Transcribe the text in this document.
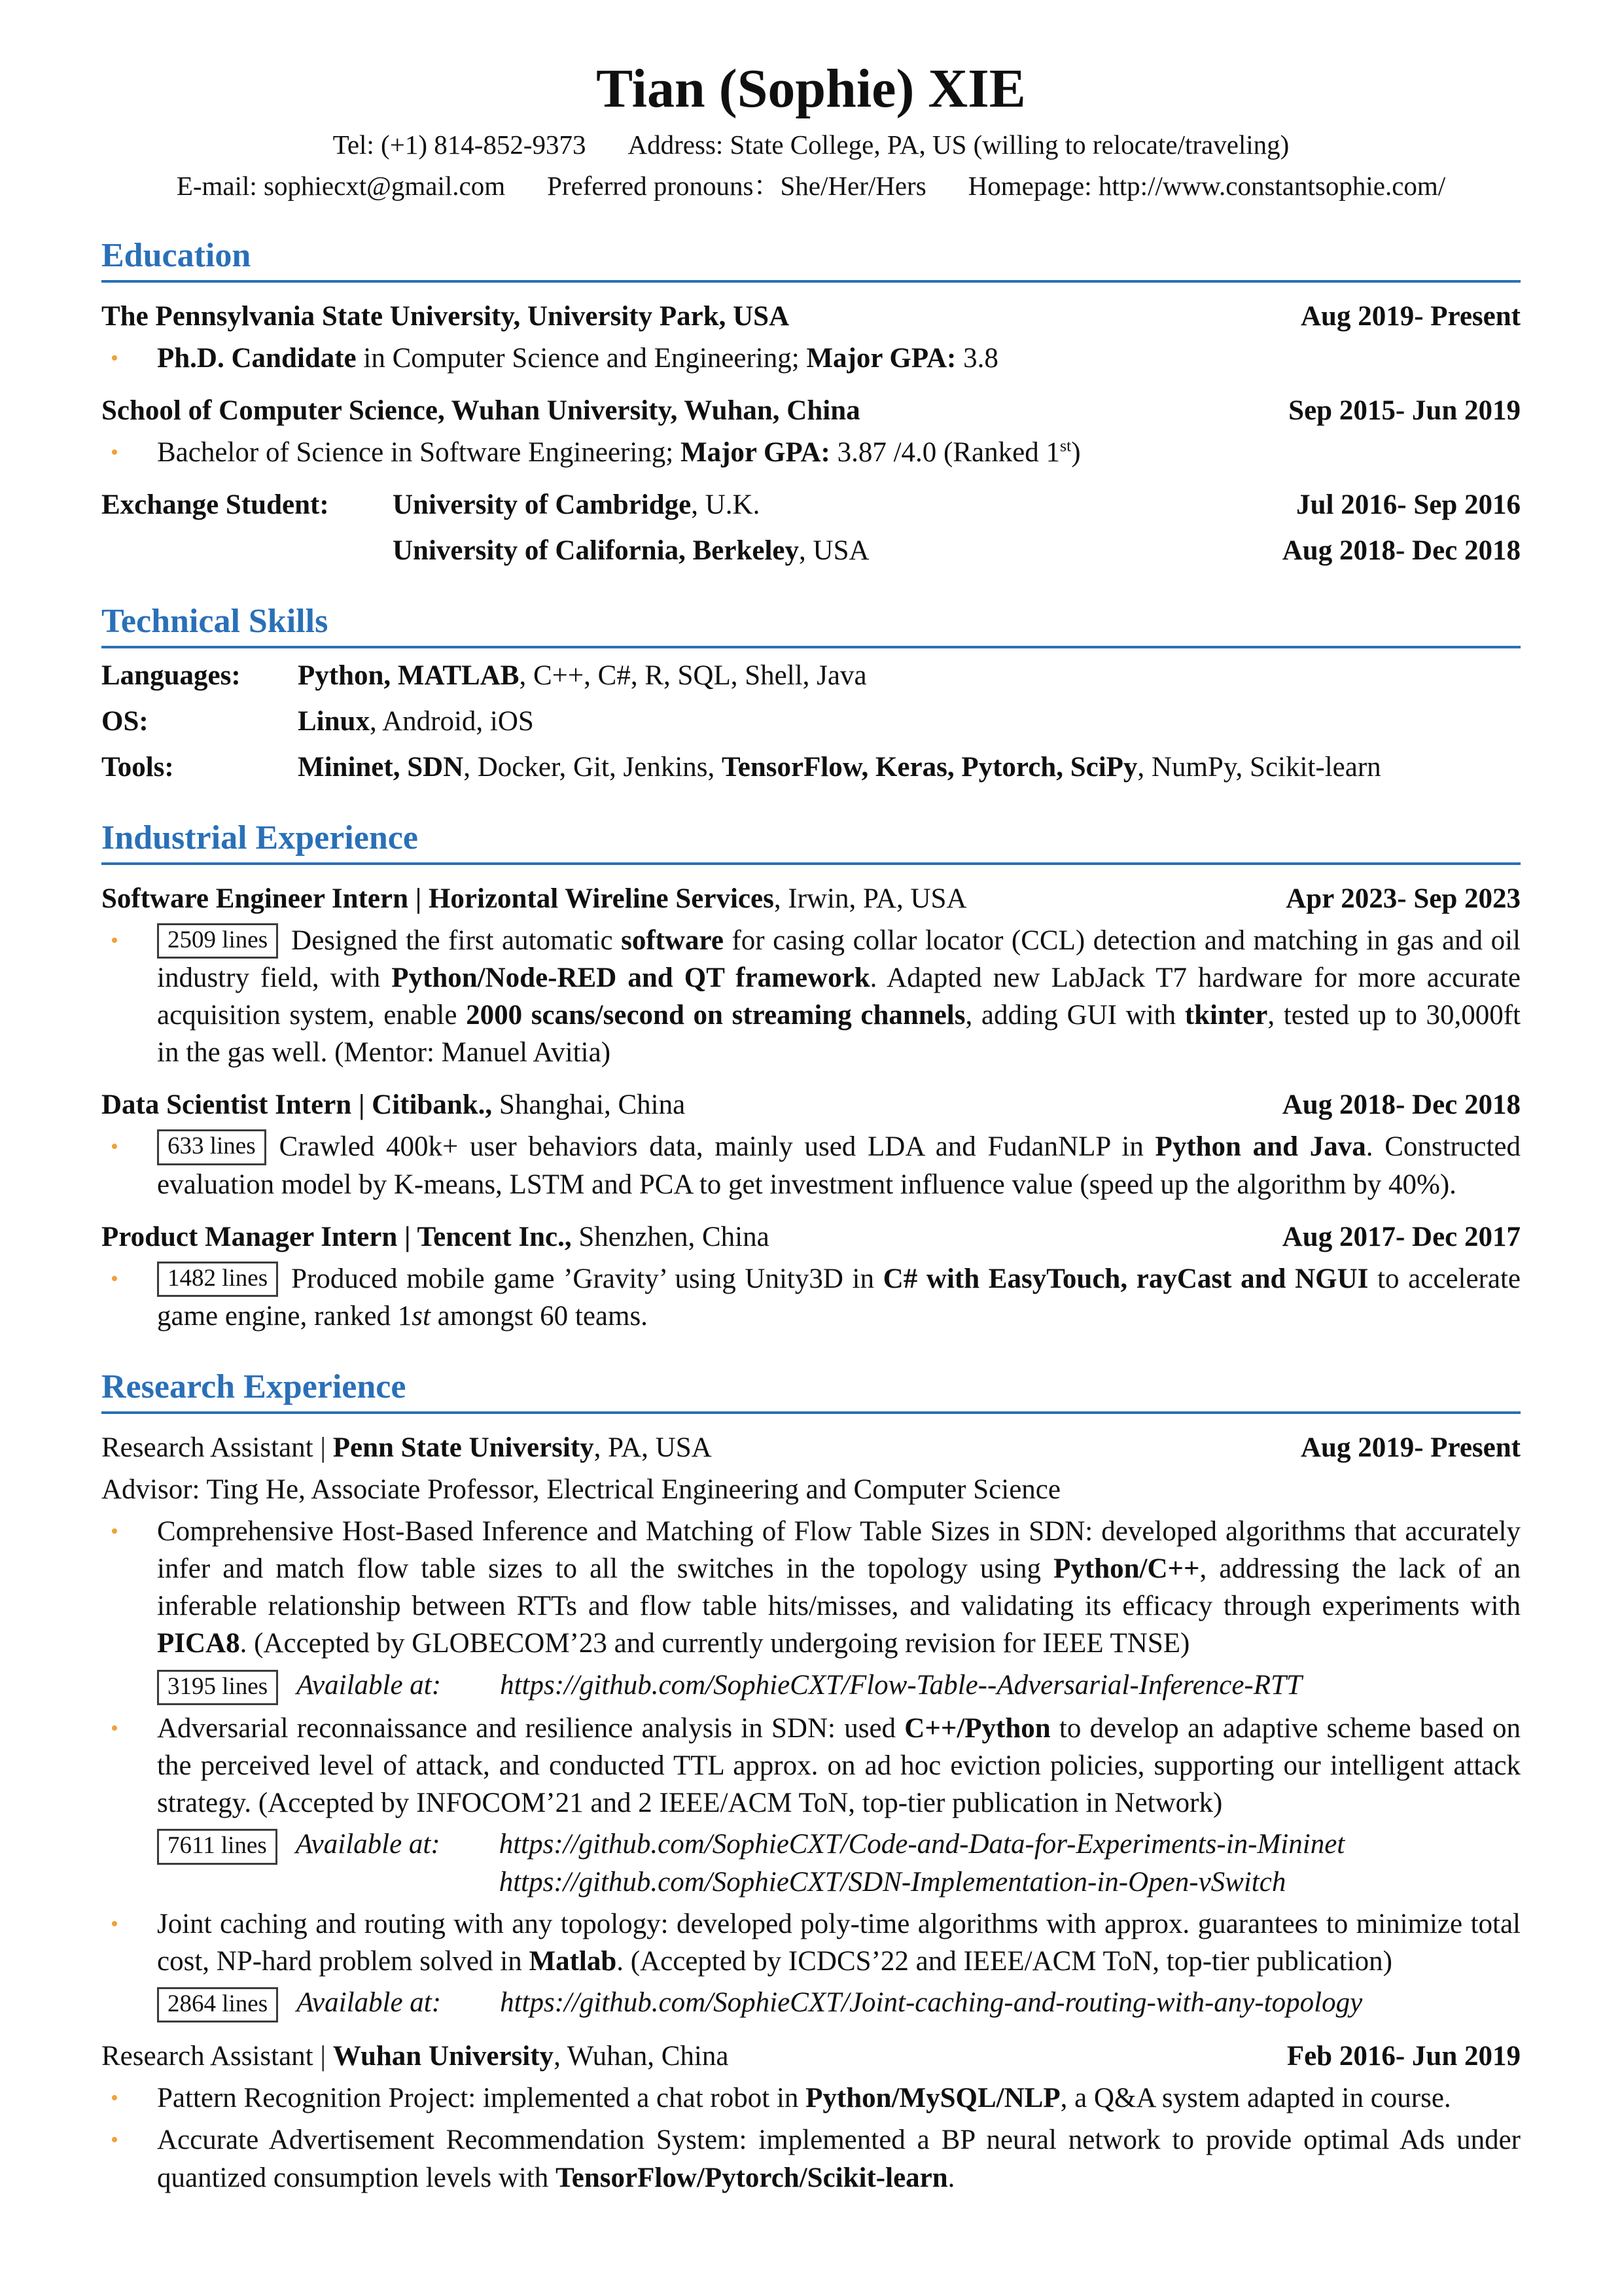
Tian (Sophie) XIE
Tel: (+1) 814-852-9373 Address: State College, PA, US (willing to relocate/traveling)
E-mail: sophiecxt@gmail.com Preferred pronouns：She/Her/Hers Homepage: http://www.constantsophie.com/
Education
The Pennsylvania State University, University Park, USA	Aug 2019- Present
•	Ph.D. Candidate in Computer Science and Engineering; Major GPA: 3.8
School of Computer Science, Wuhan University, Wuhan, China	Sep 2015- Jun 2019
•	Bachelor of Science in Software Engineering; Major GPA: 3.87 /4.0 (Ranked 1st)
Exchange Student:	University of Cambridge, U.K.	Jul 2016- Sep 2016
University of California, Berkeley, USA	Aug 2018- Dec 2018
Technical Skills
Languages:	Python, MATLAB, C++, C#, R, SQL, Shell, Java
OS:	Linux, Android, iOS
Tools:	Mininet, SDN, Docker, Git, Jenkins, TensorFlow, Keras, Pytorch, SciPy, NumPy, Scikit-learn
Industrial Experience
Software Engineer Intern | Horizontal Wireline Services, Irwin, PA, USA	Apr 2023- Sep 2023
•	2509 lines Designed the first automatic software for casing collar locator (CCL) detection and matching in gas and oil industry field, with Python/Node-RED and QT framework. Adapted new LabJack T7 hardware for more accurate acquisition system, enable 2000 scans/second on streaming channels, adding GUI with tkinter, tested up to 30,000ft in the gas well. (Mentor: Manuel Avitia)
Data Scientist Intern | Citibank., Shanghai, China	Aug 2018- Dec 2018
•	633 lines Crawled 400k+ user behaviors data, mainly used LDA and FudanNLP in Python and Java. Constructed evaluation model by K-means, LSTM and PCA to get investment influence value (speed up the algorithm by 40%).
Product Manager Intern | Tencent Inc., Shenzhen, China	Aug 2017- Dec 2017
•	1482 lines Produced mobile game ’Gravity’ using Unity3D in C# with EasyTouch, rayCast and NGUI to accelerate game engine, ranked 1st amongst 60 teams.
Research Experience
Research Assistant | Penn State University, PA, USA	Aug 2019- Present
Advisor: Ting He, Associate Professor, Electrical Engineering and Computer Science
•	Comprehensive Host-Based Inference and Matching of Flow Table Sizes in SDN: developed algorithms that accurately infer and match flow table sizes to all the switches in the topology using Python/C++, addressing the lack of an inferable relationship between RTTs and flow table hits/misses, and validating its efficacy through experiments with PICA8. (Accepted by GLOBECOM’23 and currently undergoing revision for IEEE TNSE)
3195 lines	Available at: https://github.com/SophieCXT/Flow-Table--Adversarial-Inference-RTT
•	Adversarial reconnaissance and resilience analysis in SDN: used C++/Python to develop an adaptive scheme based on the perceived level of attack, and conducted TTL approx. on ad hoc eviction policies, supporting our intelligent attack strategy. (Accepted by INFOCOM’21 and 2 IEEE/ACM ToN, top-tier publication in Network)
7611 lines	Available at: https://github.com/SophieCXT/Code-and-Data-for-Experiments-in-Mininet
https://github.com/SophieCXT/SDN-Implementation-in-Open-vSwitch
•	Joint caching and routing with any topology: developed poly-time algorithms with approx. guarantees to minimize total cost, NP-hard problem solved in Matlab. (Accepted by ICDCS’22 and IEEE/ACM ToN, top-tier publication)
2864 lines	Available at: https://github.com/SophieCXT/Joint-caching-and-routing-with-any-topology
Research Assistant | Wuhan University, Wuhan, China	Feb 2016- Jun 2019
•	Pattern Recognition Project: implemented a chat robot in Python/MySQL/NLP, a Q&A system adapted in course.
•	Accurate Advertisement Recommendation System: implemented a BP neural network to provide optimal Ads under quantized consumption levels with TensorFlow/Pytorch/Scikit-learn.
